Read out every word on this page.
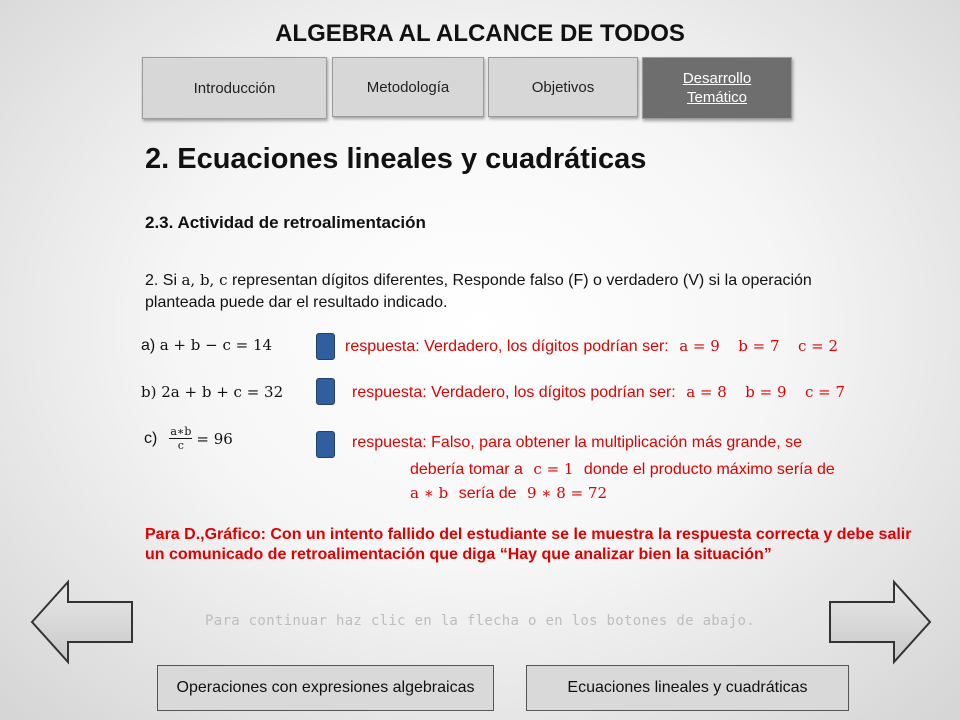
ALGEBRA AL ALCANCE DE TODOS
Introducción	Metodología	Objetivos
Desarrollo
Temático
2. Ecuaciones lineales y cuadráticas
2.3. Actividad de retroalimentación
2. Si a, b, c representan dígitos diferentes, Responde falso (F) o verdadero (V) si la operación
planteada puede dar el resultado indicado.
a) a + b − c = 14	respuesta: Verdadero, los dígitos podrían ser: a = 9 b = 7 c = 2
b) 2a + b + c = 32	respuesta: Verdadero, los dígitos podrían ser: a = 8 b = 9 c = 7
$c) \frac{a∗b}{c} = 96$	respuesta: Falso, para obtener la multiplicación más grande, se
debería tomar a c = 1 donde el producto máximo sería de
a ∗ b sería de 9 ∗ 8 = 72
Para D.,Gráfico: Con un intento fallido del estudiante se le muestra la respuesta correcta y debe salir un comunicado de retroalimentación que diga “Hay que analizar bien la situación”
Para continuar haz clic en la flecha o en los botones de abajo.
Operaciones con expresiones algebraicas	Ecuaciones lineales y cuadráticas
